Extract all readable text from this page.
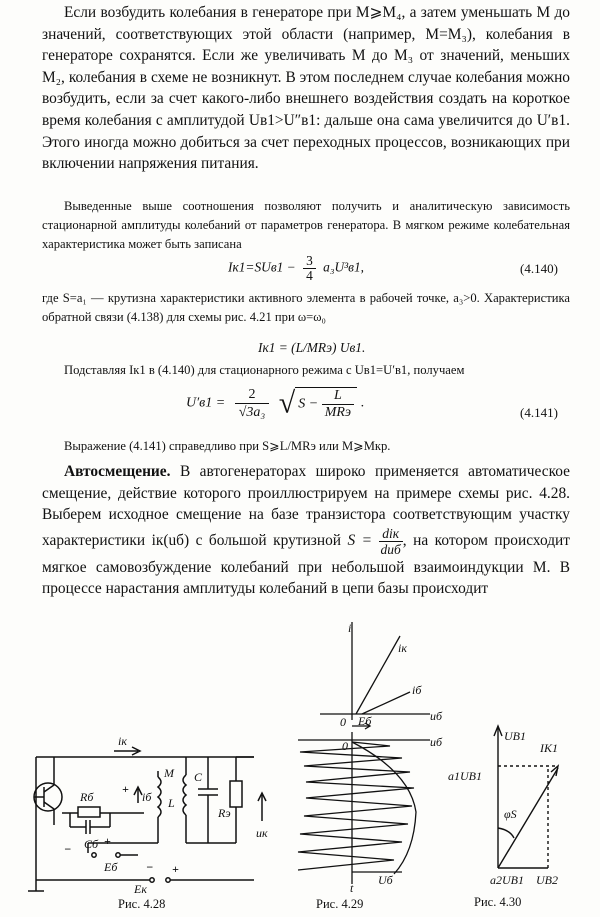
Если возбудить колебания в генераторе при M⩾M₄, а затем уменьшать M до значений, соответствующих этой области (например, M=M₃), колебания в генераторе сохранятся. Если же увеличивать M до M₃ от значений, меньших M₂, колебания в схеме не возникнут. В этом последнем случае колебания можно возбудить, если за счет какого-либо внешнего воздействия создать на короткое время колебания с амплитудой Uв1>U″в1: дальше она сама увеличится до U′в1. Этого иногда можно добиться за счет переходных процессов, возникающих при включении напряжения питания.

Выведенные выше соотношения позволяют получить и аналитическую зависимость стационарной амплитуды колебаний от параметров генератора. В мягком режиме колебательная характеристика может быть записана

$Iк1=SUв1 - \frac{3}{4} a_3U^3в1$,	(4.140)

где S=a₁ — крутизна характеристики активного элемента в рабочей точке, a₃>0. Характеристика обратной связи (4.138) для схемы рис. 4.21 при ω=ω₀

Iк1 = (L/MRэ) Uв1.

Подставляя Iк1 в (4.140) для стационарного режима с Uв1=U′в1, получаем

$U'в1 = \frac{2}{\text{√3a₃}}$ √ S −
L
MRэ
.
(4.141)

Выражение (4.141) справедливо при S⩾L/MRэ или M⩾Mкр.

Автосмещение. В автогенераторах широко применяется автоматическое смещение, действие которого проиллюстрируем на примере схемы рис. 4.28. Выберем исходное смещение на базе транзистора соответствующим участку характеристики iк(uб) с большой крутизной S = diк
duб
, на котором происходит мягкое самовозбуждение колебаний при небольшой взаимоиндукции M. В процессе нарастания амплитуды колебаний в цепи базы происходит

iк
Rб	iб
Cб
M
L
C
Rэ
uк
Eб
Eк
+
+
−
− +
Рис. 4.28
i
iк
iб
uб
uб
Eб
0
0
t
Uб
Рис. 4.29
UB1
IK1
a1UB1
φS
a2UB1 UB2
Рис. 4.30
